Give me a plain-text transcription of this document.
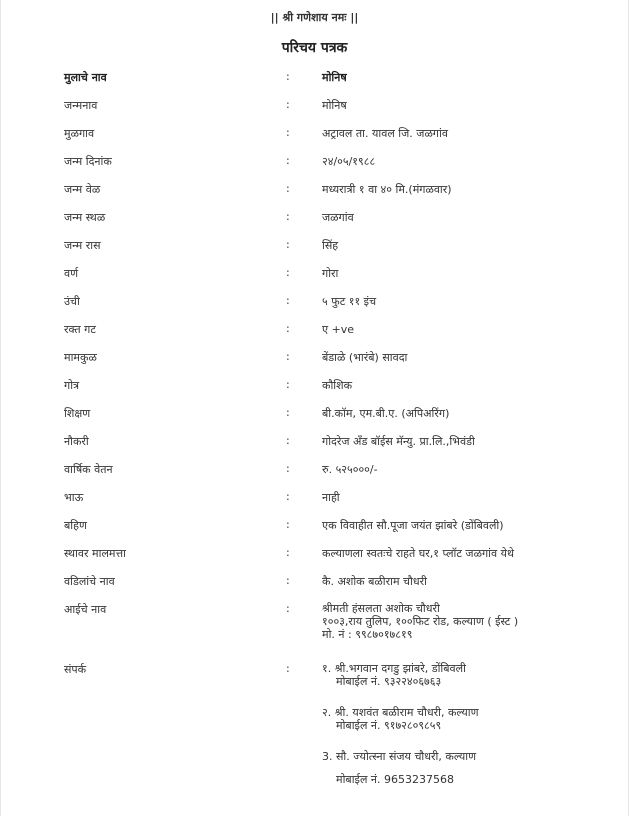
|| श्री गणेशाय नमः ||
परिचय पत्रक
मुलाचे नाव	:	मोनिष
जन्मनाव	:	मोनिष
मुळगाव	:	अट्रावल ता. यावल जि. जळगांव
जन्म दिनांक	:	२४/०५/१९८८
जन्म वेळ	:	मध्यरात्री १ वा ४० मि.(मंगळवार)
जन्म स्थळ	:	जळगांव
जन्म रास	:	सिंह
वर्ण	:	गोरा
उंची	:	५ फुट ११ इंच
रक्त गट	:	ए +ve
मामकुळ	:	बेंडाळे (भारंबे) सावदा
गोत्र	:	कौशिक
शिक्षण	:	बी.कॉम, एम.बी.ए. (अपिअरिंग)
नौकरी	:	गोदरेज अँड बॉईस मॅन्यु. प्रा.लि.,भिवंडी
वार्षिक वेतन	:	रु. ५२५०००/-
भाऊ	:	नाही
बहिण	:	एक विवाहीत सौ.पूजा जयंत झांबरे (डोंबिवली)
स्थावर मालमत्ता	:	कल्याणला स्वतःचे राहते घर,१ प्लॉट जळगांव येथे
वडिलांचे नाव	:	कै. अशोक बळीराम चौधरी
आईचे नाव	:	श्रीमती हंसलता अशोक चौधरी
१००३,राय तुलिप, १००फिट रोड, कल्याण ( ईस्ट )
मो. नं : ९९८७०१७८१९
संपर्क	:	१. श्री.भगवान दगडु झांबरे, डोंबिवली
मोबाईल नं. ९३२२४०६७६३
२. श्री. यशवंत बळीराम चौधरी, कल्याण
मोबाईल नं. ९१७२८०९८५९
3. सौ. ज्योत्स्ना संजय चौधरी, कल्याण
मोबाईल नं. 9653237568
